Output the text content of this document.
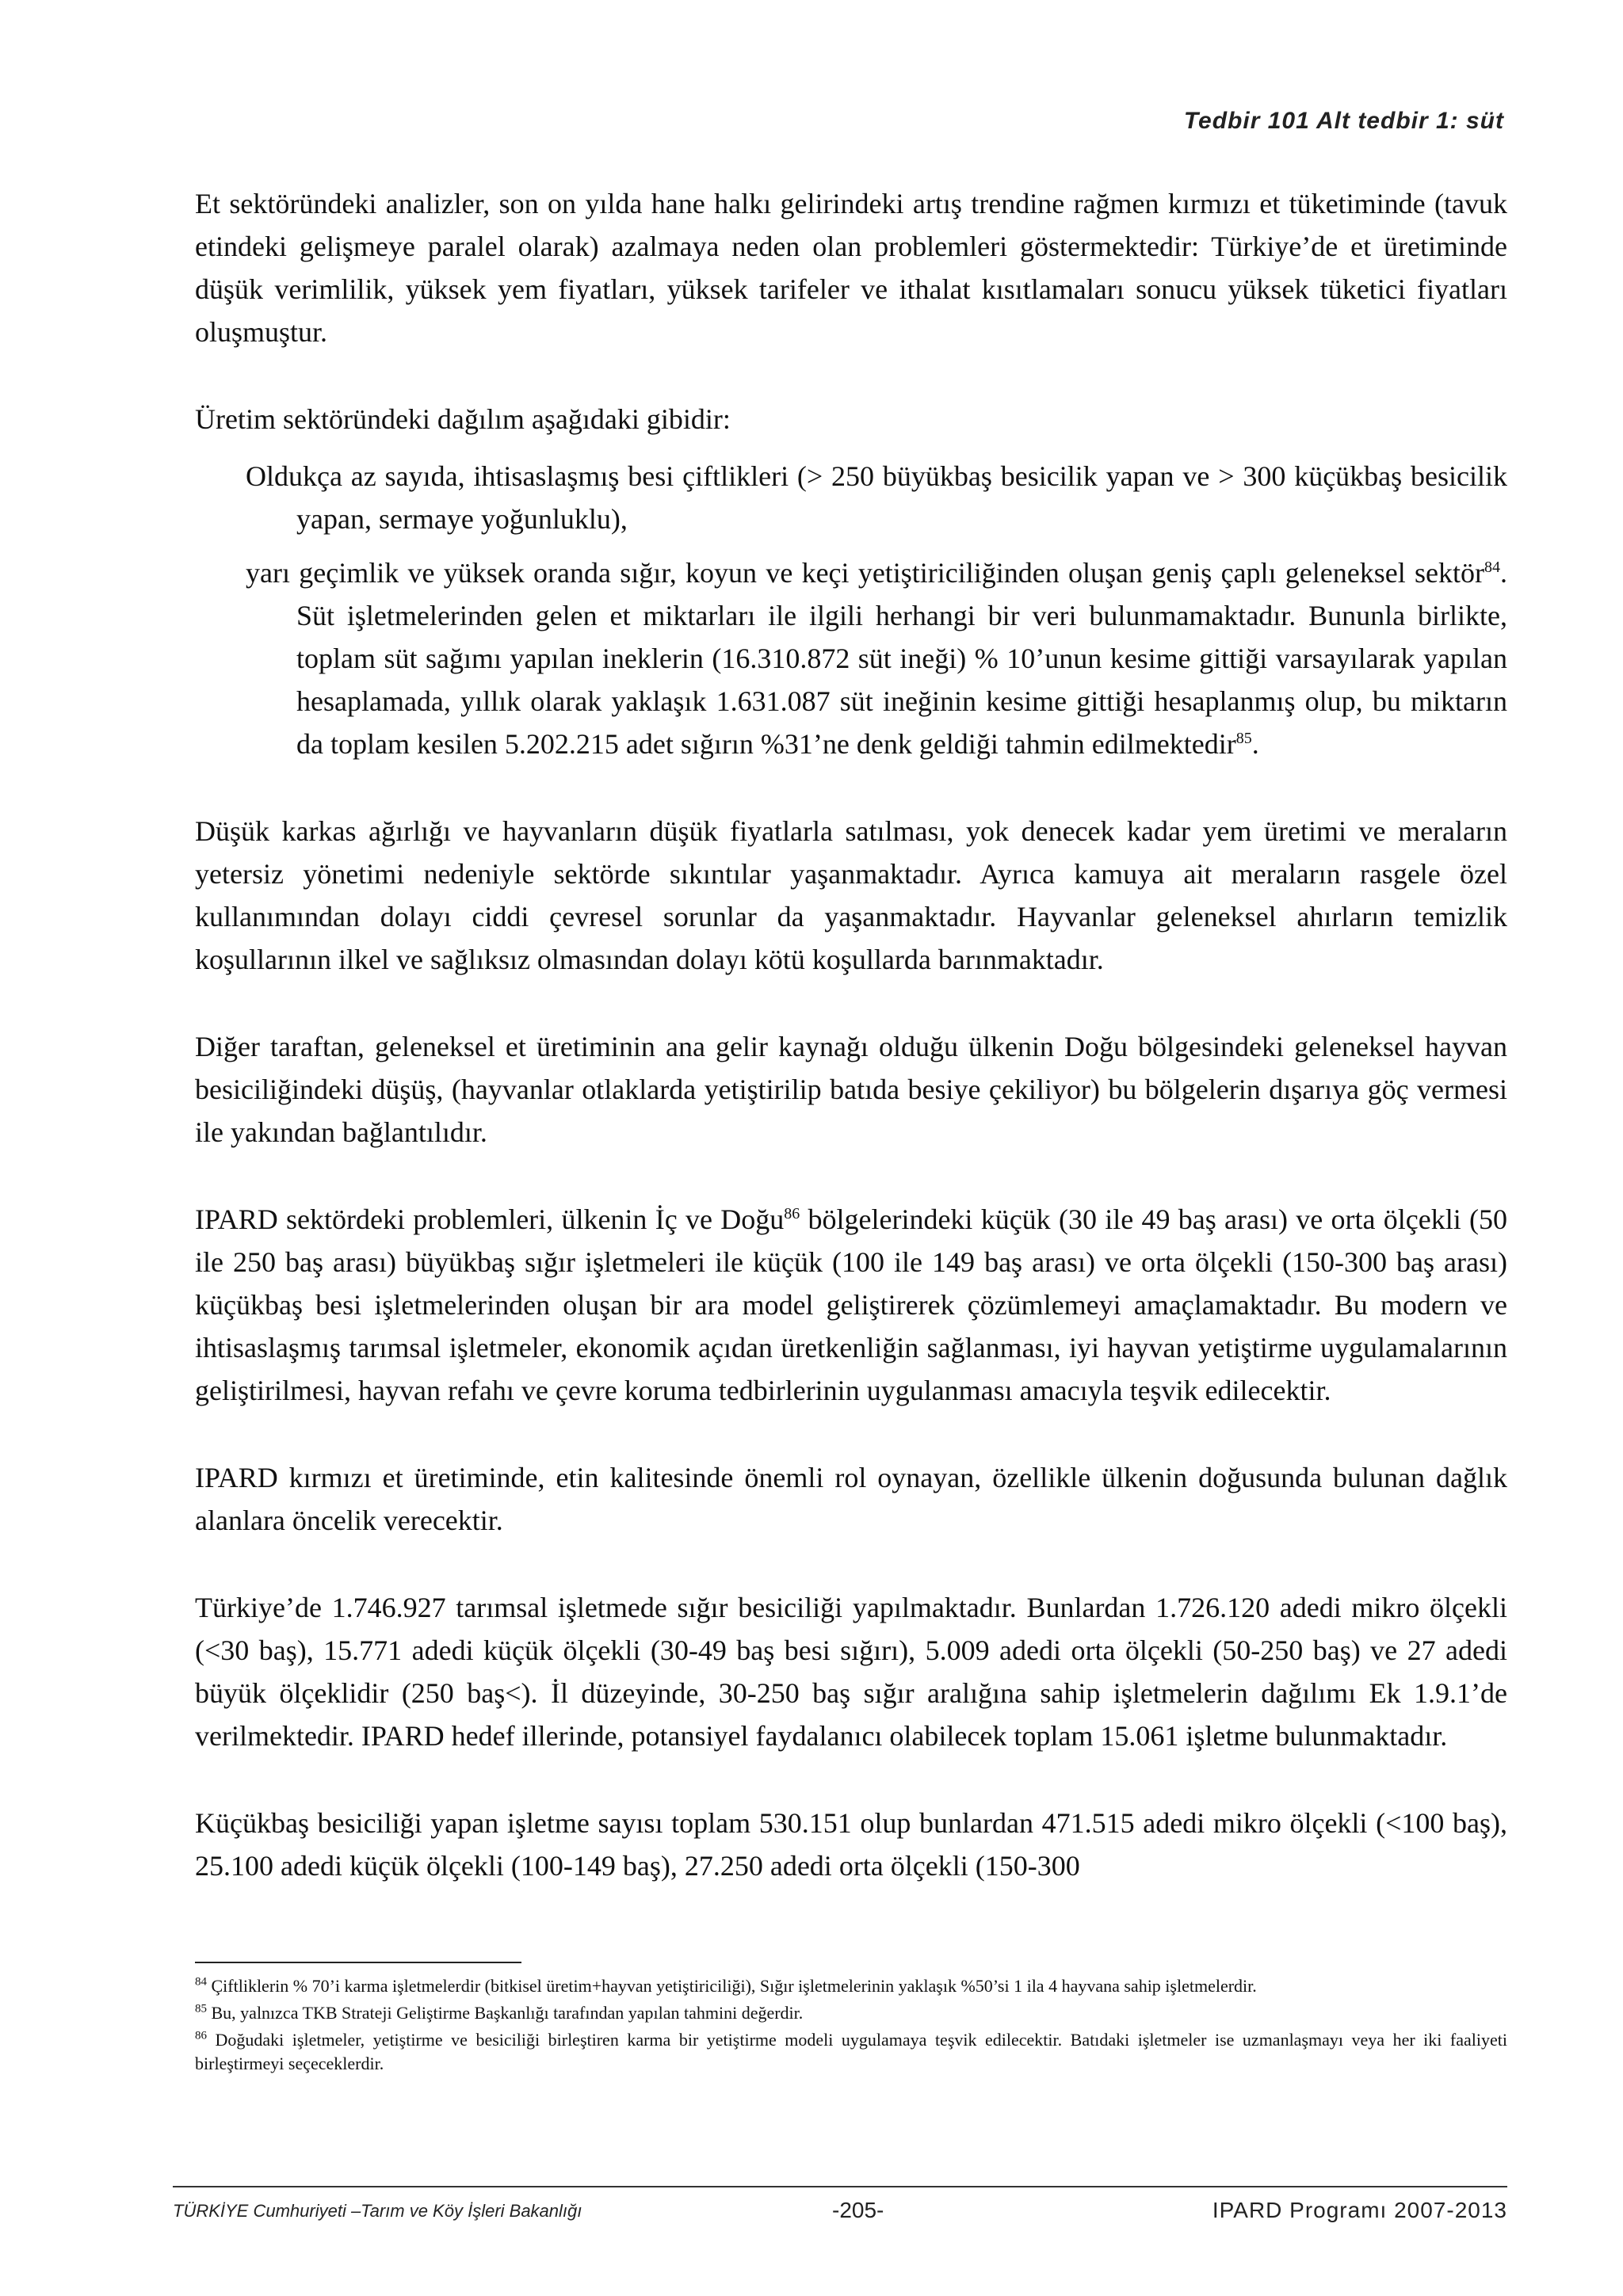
Tedbir 101 Alt tedbir 1: süt

Et sektöründeki analizler, son on yılda hane halkı gelirindeki artış trendine rağmen kırmızı et tüketiminde (tavuk etindeki gelişmeye paralel olarak) azalmaya neden olan problemleri göstermektedir: Türkiye’de et üretiminde düşük verimlilik, yüksek yem fiyatları, yüksek tarifeler ve ithalat kısıtlamaları sonucu yüksek tüketici fiyatları oluşmuştur.

Üretim sektöründeki dağılım aşağıdaki gibidir:

Oldukça az sayıda, ihtisaslaşmış besi çiftlikleri (> 250 büyükbaş besicilik yapan ve > 300 küçükbaş besicilik yapan, sermaye yoğunluklu),

yarı geçimlik ve yüksek oranda sığır, koyun ve keçi yetiştiriciliğinden oluşan geniş çaplı geleneksel sektör$^{84}$. Süt işletmelerinden gelen et miktarları ile ilgili herhangi bir veri bulunmamaktadır. Bununla birlikte, toplam süt sağımı yapılan ineklerin (16.310.872 süt ineği) % 10’unun kesime gittiği varsayılarak yapılan hesaplamada, yıllık olarak yaklaşık 1.631.087 süt ineğinin kesime gittiği hesaplanmış olup, bu miktarın da toplam kesilen 5.202.215 adet sığırın %31’ne denk geldiği tahmin edilmektedir$^{85}$.

Düşük karkas ağırlığı ve hayvanların düşük fiyatlarla satılması, yok denecek kadar yem üretimi ve meraların yetersiz yönetimi nedeniyle sektörde sıkıntılar yaşanmaktadır. Ayrıca kamuya ait meraların rasgele özel kullanımından dolayı ciddi çevresel sorunlar da yaşanmaktadır. Hayvanlar geleneksel ahırların temizlik koşullarının ilkel ve sağlıksız olmasından dolayı kötü koşullarda barınmaktadır.

Diğer taraftan, geleneksel et üretiminin ana gelir kaynağı olduğu ülkenin Doğu bölgesindeki geleneksel hayvan besiciliğindeki düşüş, (hayvanlar otlaklarda yetiştirilip batıda besiye çekiliyor) bu bölgelerin dışarıya göç vermesi ile yakından bağlantılıdır.

IPARD sektördeki problemleri, ülkenin İç ve Doğu$^{86}$ bölgelerindeki küçük (30 ile 49 baş arası) ve orta ölçekli (50 ile 250 baş arası) büyükbaş sığır işletmeleri ile küçük (100 ile 149 baş arası) ve orta ölçekli (150-300 baş arası) küçükbaş besi işletmelerinden oluşan bir ara model geliştirerek çözümlemeyi amaçlamaktadır. Bu modern ve ihtisaslaşmış tarımsal işletmeler, ekonomik açıdan üretkenliğin sağlanması, iyi hayvan yetiştirme uygulamalarının geliştirilmesi, hayvan refahı ve çevre koruma tedbirlerinin uygulanması amacıyla teşvik edilecektir.

IPARD kırmızı et üretiminde, etin kalitesinde önemli rol oynayan, özellikle ülkenin doğusunda bulunan dağlık alanlara öncelik verecektir.

Türkiye’de 1.746.927 tarımsal işletmede sığır besiciliği yapılmaktadır. Bunlardan 1.726.120 adedi mikro ölçekli (<30 baş), 15.771 adedi küçük ölçekli (30-49 baş besi sığırı), 5.009 adedi orta ölçekli (50-250 baş) ve 27 adedi büyük ölçeklidir (250 baş<). İl düzeyinde, 30-250 baş sığır aralığına sahip işletmelerin dağılımı Ek 1.9.1’de verilmektedir. IPARD hedef illerinde, potansiyel faydalanıcı olabilecek toplam 15.061 işletme bulunmaktadır.

Küçükbaş besiciliği yapan işletme sayısı toplam 530.151 olup bunlardan 471.515 adedi mikro ölçekli (<100 baş), 25.100 adedi küçük ölçekli (100-149 baş), 27.250 adedi orta ölçekli (150-300

$^{84}$ Çiftliklerin % 70’i karma işletmelerdir (bitkisel üretim+hayvan yetiştiriciliği), Sığır işletmelerinin yaklaşık %50’si 1 ila 4 hayvana sahip işletmelerdir.

$^{85}$ Bu, yalnızca TKB Strateji Geliştirme Başkanlığı tarafından yapılan tahmini değerdir.

$^{86}$ Doğudaki işletmeler, yetiştirme ve besiciliği birleştiren karma bir yetiştirme modeli uygulamaya teşvik edilecektir. Batıdaki işletmeler ise uzmanlaşmayı veya her iki faaliyeti birleştirmeyi seçeceklerdir.

TÜRKİYE Cumhuriyeti –Tarım ve Köy İşleri Bakanlığı	-205-	IPARD Programı 2007-2013
